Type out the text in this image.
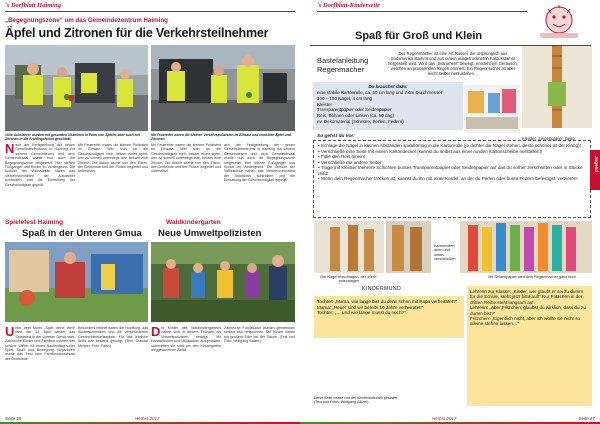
's Dorfblatt Haiming
„Begegnungszone“ um das Gemeindezentrum Haiming
Äpfel und Zitronen für die Verkehrsteilnehmer
Viele Autofahrer wurden mit gesunden Vitaminen in Form von Äpfeln, aber auch mit Zitronen in die Frühlingsferien geschickt.
Mit Feuereifer waren die kleinen Verkehrspolizisten im Einsatz und verteilten Äpfel und Zitronen.
N ach der Fertigstellung der neuen Gemeindezentrums in Haiming mit seinem Gemeindeamt und dem Gemeindesaal wurde nun auch die Begegnungszone umgesetzt. Hier stehen Fußgänger und Kinder im Vordergrund. Die Schüler der Volksschule haben das Verkehrsverhalten der Autofahrer kontrolliert und die Einhaltung der Geschwindigkeit geprüft.
Mit Feuereifer waren die kleinen Polizisten im Einsatz. Wer sich an die Geschwindigkeit hielt, bekam einen Apfel, wer zu schnell unterwegs war, bekam eine Zitrone. Die Aktion wurde von den Eltern, der Gemeinde und der Polizei begleitet und unterstützt.
Mit Feuereifer waren die kleinen Polizisten im Einsatz. Wer sich an die Geschwindigkeit hielt, bekam einen Apfel, wer zu schnell unterwegs war, bekam eine Zitrone. Die Aktion wurde von den Eltern, der Gemeinde und der Polizei begleitet und unterstützt.
ach der Fertigstellung der neuen Gemeindezentrums in Haiming mit seinem Gemeindeamt und dem Gemeindesaal wurde nun auch die Begegnungszone umgesetzt. Hier stehen Fußgänger und Kinder im Vordergrund. Die Schüler der Volksschule haben das Verkehrsverhalten der Autofahrer kontrolliert und die Einhaltung der Geschwindigkeit geprüft.
Spielefest Haiming
Spaß in der Unteren Gmua
U nter dem Motto „Spiel deine Welt“ fand am 14. April wieder das Spielefest in der Unteren Gmua statt. Zahlreiche Kinder und Familien nutzten das schöne Wetter für einen Nachmittag voller Spiel, Spaß und Bewegung. Organisiert wurde das Fest vom Familienausschuss der Gemeinde.
Besonders beliebt waren die Hupfburg, das Kinderschminken und die verschiedenen Geschicklichkeitsspiele. Für das leibliche Wohl war bestens gesorgt. (Text: Claudia Melmer, Foto: Pattis)
Waldkindergarten
Neue Umweltpolizisten
D ie Kinder des Waldkindergartens haben sich in diesem Frühjahr als Umweltpolizisten betätigt. Mit Handschuhen und Müllsacken ausgestattet, sammelten sie rund um den Kindergarten weggeworfenen Abfall.
Zahlreiche Fundstücke wurden gemeinsam sortiert und besprochen. Die Kinder waren mit großem Eifer bei der Sache. (Text und Foto: Wolfgang Sälzer)
Seite 26	Herbst 2017
's Dorfblatt-Kinderseite
Spaß für Groß und Klein
Bastelanleitung
Regenmacher
Der Regenmacher ist eine Art Rassel, die ursprünglich aus Südamerika stammt und aus einem ausgetrockneten Kaktusstamm hergestellt wird. Wird das „Instrument“ bewegt, entsteht ein Geräusch, welches an prasselnden Regen erinnert. Ein Regenmacher ist aber leicht selber herzustellen…
Du brauchst dazu:
eine stabile Kartonrolle, ca. 50 cm lang und 7 cm Durchmesser
100 – 150 Nägel, 4 cm lang
Kleister
Transparentpapier oder Seidenpapier
Reis, Bohnen oder Linsen (ca. 50 dag)
ev. Dekomaterial (Schnüre, Perlen, Federn)
Kleister, Seidenpapier, Deko
So gehst du vor:
• Schlage die Nägel in kleinen Abständen spiralförmig in die Kartonrolle (je dichter die Nägel stehen, desto schöner ist der Klang)!
• Verschließe eine Seite mit einem Kartondeckel (kannst du selbst aus einer runden Kartonscheibe herstellen)!
• Fülle den Reis hinein!
• Verschließe die andere Seite!
• Trage mit Kleister mehrere Schichten buntes Transparentpapier oder Seidenpapier auf das du vorher zerschnitten oder in Stücke reißt!
• Wenn dein Regenmacher trocken ist, kannst du ihn mit einer Kordel, an der du Perlen oder bunte Federn befestigst, verzieren!
Kartonrollen oben und unten verschließen
Die Nägel einschlagen, der „Kern“ einschlagen
Mit Seidenpapier wird dein Regenmacher ganz bunt
KINDERMUND
Tochter: „Mama, wie lange bist du denn schon mit Papa verheiratet?“
Mama: „Heuer sind wir bereits 10 Jahre verheiratet!“
Tochter: „… und wie lange musst du noch?“
Lehrerin zur Klasse: „Kinder, wer glaubt er sei zu dumm für die Schule, steht jetzt bitte auf!“ Nur Fritzchen in der dritten Reihe steht langsam auf.
Lehrerin: „Aber Fritzchen, glaubst du wirklich, dass du zu dumm bist?“
Fritzchen: „Eigentlich nicht, aber ich wollte sie nicht so alleine stehen lassen…“
Diese Seite wurde von der Kinderbibliothek gestaltet.
(Text und Fotos: Wolfgang Sälzer)
Jugend
Herbst 2017	Seite 27
